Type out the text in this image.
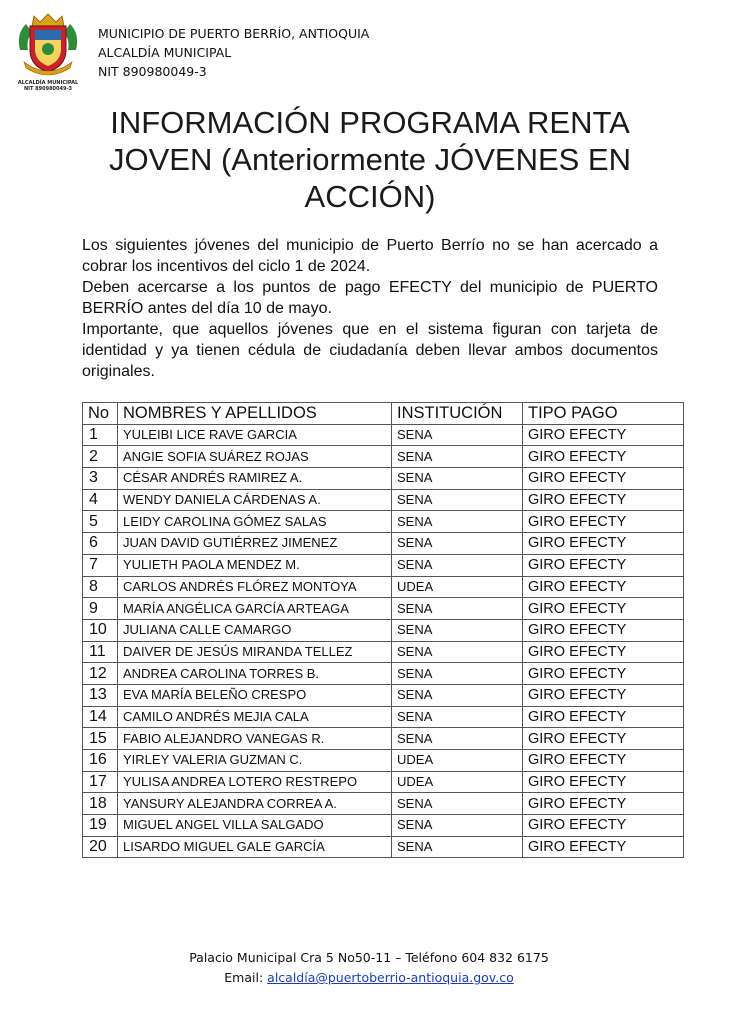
ALCALDÍA MUNICIPAL
NIT 890980049-3
MUNICIPIO DE PUERTO BERRÍO, ANTIOQUIA
ALCALDÍA MUNICIPAL
NIT 890980049-3
INFORMACIÓN PROGRAMA RENTA
JOVEN (Anteriormente JÓVENES EN
ACCIÓN)

Los siguientes jóvenes del municipio de Puerto Berrío no se han acercado a cobrar los incentivos del ciclo 1 de 2024.

Deben acercarse a los puntos de pago EFECTY del municipio de PUERTO BERRÍO antes del día 10 de mayo.

Importante, que aquellos jóvenes que en el sistema figuran con tarjeta de identidad y ya tienen cédula de ciudadanía deben llevar ambos documentos originales.

No	NOMBRES Y APELLIDOS	INSTITUCIÓN	TIPO PAGO
1	YULEIBI LICE RAVE GARCIA	SENA	GIRO EFECTY
2	ANGIE SOFIA SUÁREZ ROJAS	SENA	GIRO EFECTY
3	CÉSAR ANDRÉS RAMIREZ A.	SENA	GIRO EFECTY
4	WENDY DANIELA CÁRDENAS A.	SENA	GIRO EFECTY
5	LEIDY CAROLINA GÓMEZ SALAS	SENA	GIRO EFECTY
6	JUAN DAVID GUTIÉRREZ JIMENEZ	SENA	GIRO EFECTY
7	YULIETH PAOLA MENDEZ M.	SENA	GIRO EFECTY
8	CARLOS ANDRÉS FLÓREZ MONTOYA	UDEA	GIRO EFECTY
9	MARÍA ANGÉLICA GARCÍA ARTEAGA	SENA	GIRO EFECTY
10	JULIANA CALLE CAMARGO	SENA	GIRO EFECTY
11	DAIVER DE JESÚS MIRANDA TELLEZ	SENA	GIRO EFECTY
12	ANDREA CAROLINA TORRES B.	SENA	GIRO EFECTY
13	EVA MARÍA BELEÑO CRESPO	SENA	GIRO EFECTY
14	CAMILO ANDRÉS MEJIA CALA	SENA	GIRO EFECTY
15	FABIO ALEJANDRO VANEGAS R.	SENA	GIRO EFECTY
16	YIRLEY VALERIA GUZMAN C.	UDEA	GIRO EFECTY
17	YULISA ANDREA LOTERO RESTREPO	UDEA	GIRO EFECTY
18	YANSURY ALEJANDRA CORREA A.	SENA	GIRO EFECTY
19	MIGUEL ANGEL VILLA SALGADO	SENA	GIRO EFECTY
20	LISARDO MIGUEL GALE GARCÍA	SENA	GIRO EFECTY
Palacio Municipal Cra 5 No50-11 – Teléfono 604 832 6175
Email: alcaldía@puertoberrio-antioquia.gov.co
